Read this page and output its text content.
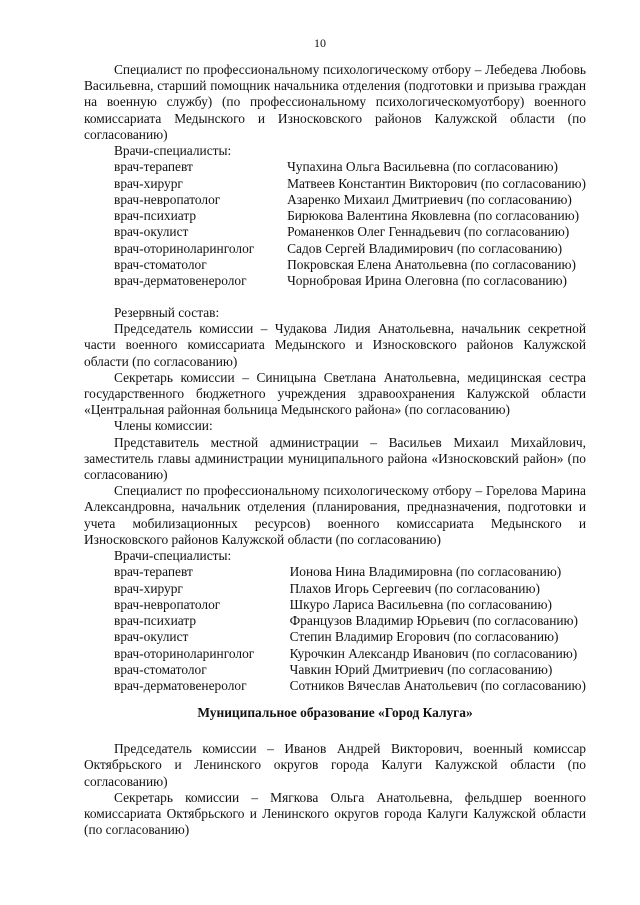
10

Специалист по профессиональному психологическому отбору – Лебедева Любовь Васильевна, старший помощник начальника отделения (подготовки и призыва граждан на военную службу) (по профессиональному психологическомуотбору) военного комиссариата Медынского и Износковского районов Калужской области (по согласованию)

Врачи-специалисты:

врач-терапевт	Чупахина Ольга Васильевна (по согласованию)
врач-хирург	Матвеев Константин Викторович (по согласованию)
врач-невропатолог	Азаренко Михаил Дмитриевич (по согласованию)
врач-психиатр	Бирюкова Валентина Яковлевна (по согласованию)
врач-окулист	Романенков Олег Геннадьевич (по согласованию)
врач-оториноларинголог	Садов Сергей Владимирович (по согласованию)
врач-стоматолог	Покровская Елена Анатольевна (по согласованию)
врач-дерматовенеролог	Чорнобровая Ирина Олеговна (по согласованию)

Резервный состав:

Председатель комиссии – Чудакова Лидия Анатольевна, начальник секретной части военного комиссариата Медынского и Износковского районов Калужской области (по согласованию)

Секретарь комиссии – Синицына Светлана Анатольевна, медицинская сестра государственного бюджетного учреждения здравоохранения Калужской области «Центральная районная больница Медынского района» (по согласованию)

Члены комиссии:

Представитель местной администрации – Васильев Михаил Михайлович, заместитель главы администрации муниципального района «Износковский район» (по согласованию)

Специалист по профессиональному психологическому отбору – Горелова Марина Александровна, начальник отделения (планирования, предназначения, подготовки и учета мобилизационных ресурсов) военного комиссариата Медынского и Износковского районов Калужской области (по согласованию)

Врачи-специалисты:

врач-терапевт	Ионова Нина Владимировна (по согласованию)
врач-хирург	Плахов Игорь Сергеевич (по согласованию)
врач-невропатолог	Шкуро Лариса Васильевна (по согласованию)
врач-психиатр	Французов Владимир Юрьевич (по согласованию)
врач-окулист	Степин Владимир Егорович (по согласованию)
врач-оториноларинголог	Курочкин Александр Иванович (по согласованию)
врач-стоматолог	Чавкин Юрий Дмитриевич (по согласованию)
врач-дерматовенеролог	Сотников Вячеслав Анатольевич (по согласованию)

Муниципальное образование «Город Калуга»

Председатель комиссии – Иванов Андрей Викторович, военный комиссар Октябрьского и Ленинского округов города Калуги Калужской области (по согласованию)

Секретарь комиссии – Мягкова Ольга Анатольевна, фельдшер военного комиссариата Октябрьского и Ленинского округов города Калуги Калужской области (по согласованию)
